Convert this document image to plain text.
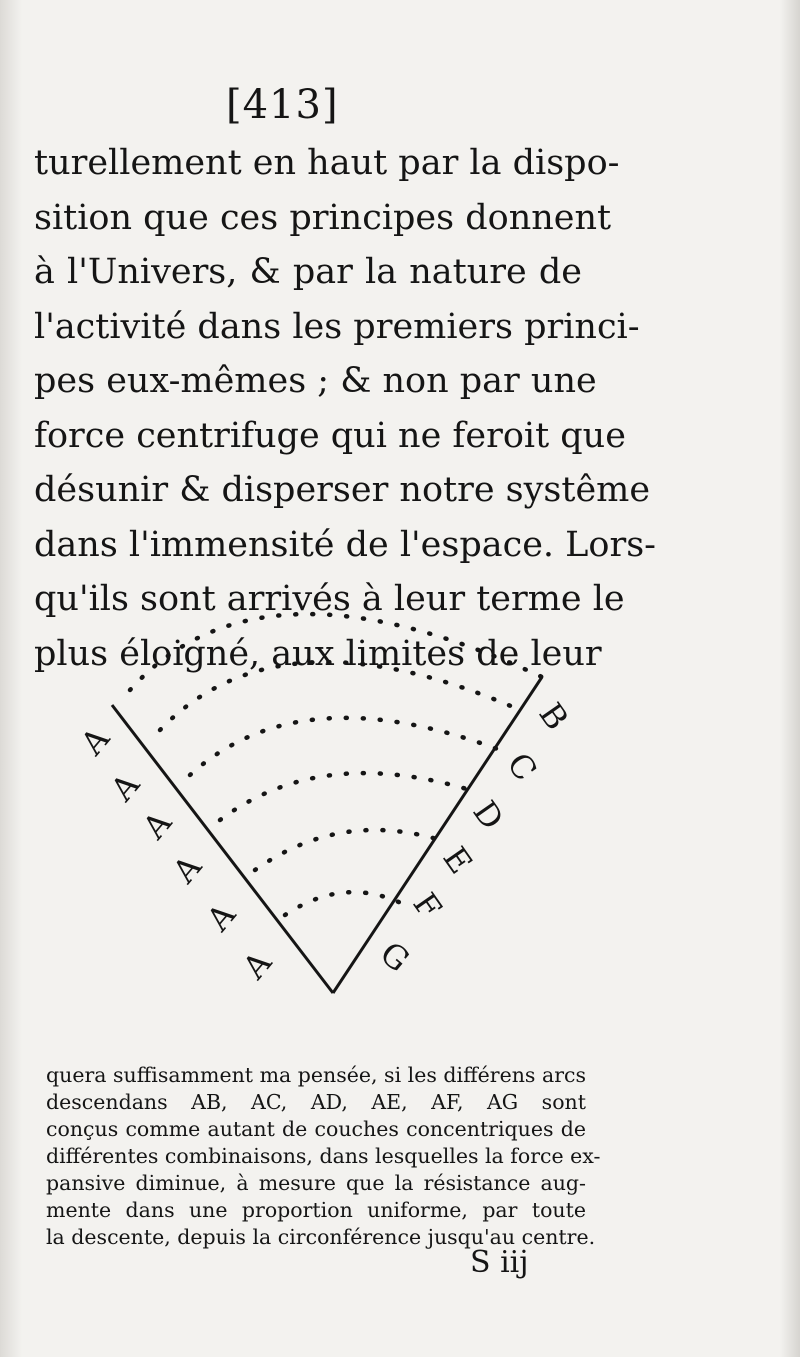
[413]
turellement en haut par la dispo-
sition que ces principes donnent
à l'Univers, & par la nature de
l'activité dans les premiers princi-
pes eux-mêmes ; & non par une
force centrifuge qui ne feroit que
désunir & disperser notre systême
dans l'immensité de l'espace. Lors-
qu'ils sont arrivés à leur terme le
plus éloigné, aux limites de leur
A
A
A
A
A
A
B
C
D
E
F
G
quera suffisamment ma pensée, si les différens arcs
descendans AB, AC, AD, AE, AF, AG sont
conçus comme autant de couches concentriques de
différentes combinaisons, dans lesquelles la force ex-
pansive diminue, à mesure que la résistance aug-
mente dans une proportion uniforme, par toute
la descente, depuis la circonférence jusqu'au centre.
S iij
